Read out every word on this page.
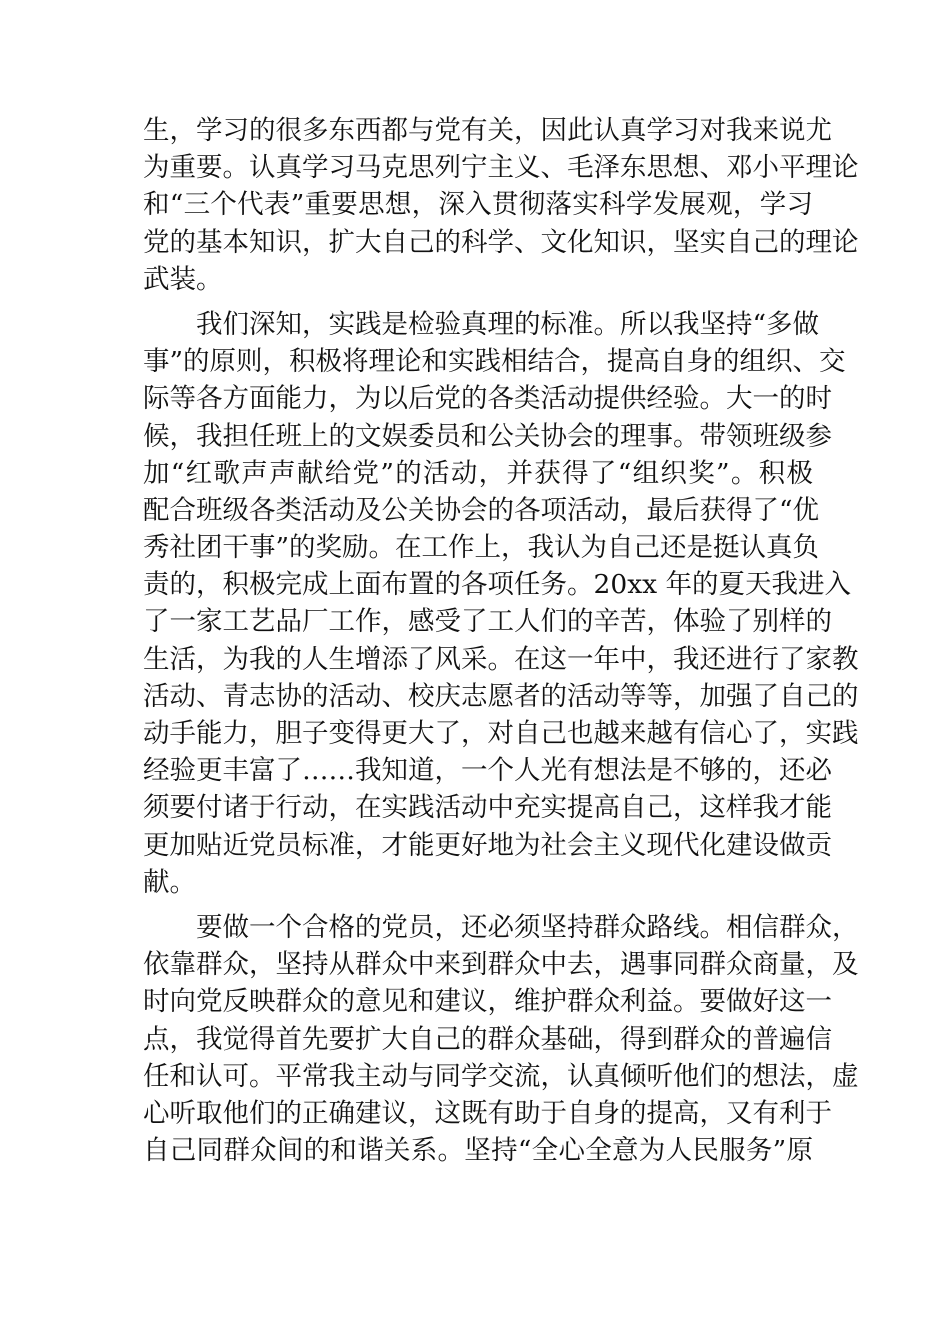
生，学习的很多东西都与党有关，因此认真学习对我来说尤
为重要。认真学习马克思列宁主义、毛泽东思想、邓小平理论
和“三个代表”重要思想，深入贯彻落实科学发展观，学习
党的基本知识，扩大自己的科学、文化知识，坚实自己的理论
武装。
我们深知，实践是检验真理的标准。所以我坚持“多做
事”的原则，积极将理论和实践相结合，提高自身的组织、交
际等各方面能力，为以后党的各类活动提供经验。大一的时
候，我担任班上的文娱委员和公关协会的理事。带领班级参
加“红歌声声献给党”的活动，并获得了“组织奖”。积极
配合班级各类活动及公关协会的各项活动，最后获得了“优
秀社团干事”的奖励。在工作上，我认为自己还是挺认真负
责的，积极完成上面布置的各项任务。20xx 年的夏天我进入
了一家工艺品厂工作，感受了工人们的辛苦，体验了别样的
生活，为我的人生增添了风采。在这一年中，我还进行了家教
活动、青志协的活动、校庆志愿者的活动等等，加强了自己的
动手能力，胆子变得更大了，对自己也越来越有信心了，实践
经验更丰富了……我知道，一个人光有想法是不够的，还必
须要付诸于行动，在实践活动中充实提高自己，这样我才能
更加贴近党员标准，才能更好地为社会主义现代化建设做贡
献。
要做一个合格的党员，还必须坚持群众路线。相信群众，
依靠群众，坚持从群众中来到群众中去，遇事同群众商量，及
时向党反映群众的意见和建议，维护群众利益。要做好这一
点，我觉得首先要扩大自己的群众基础，得到群众的普遍信
任和认可。平常我主动与同学交流，认真倾听他们的想法，虚
心听取他们的正确建议，这既有助于自身的提高，又有利于
自己同群众间的和谐关系。坚持“全心全意为人民服务”原
